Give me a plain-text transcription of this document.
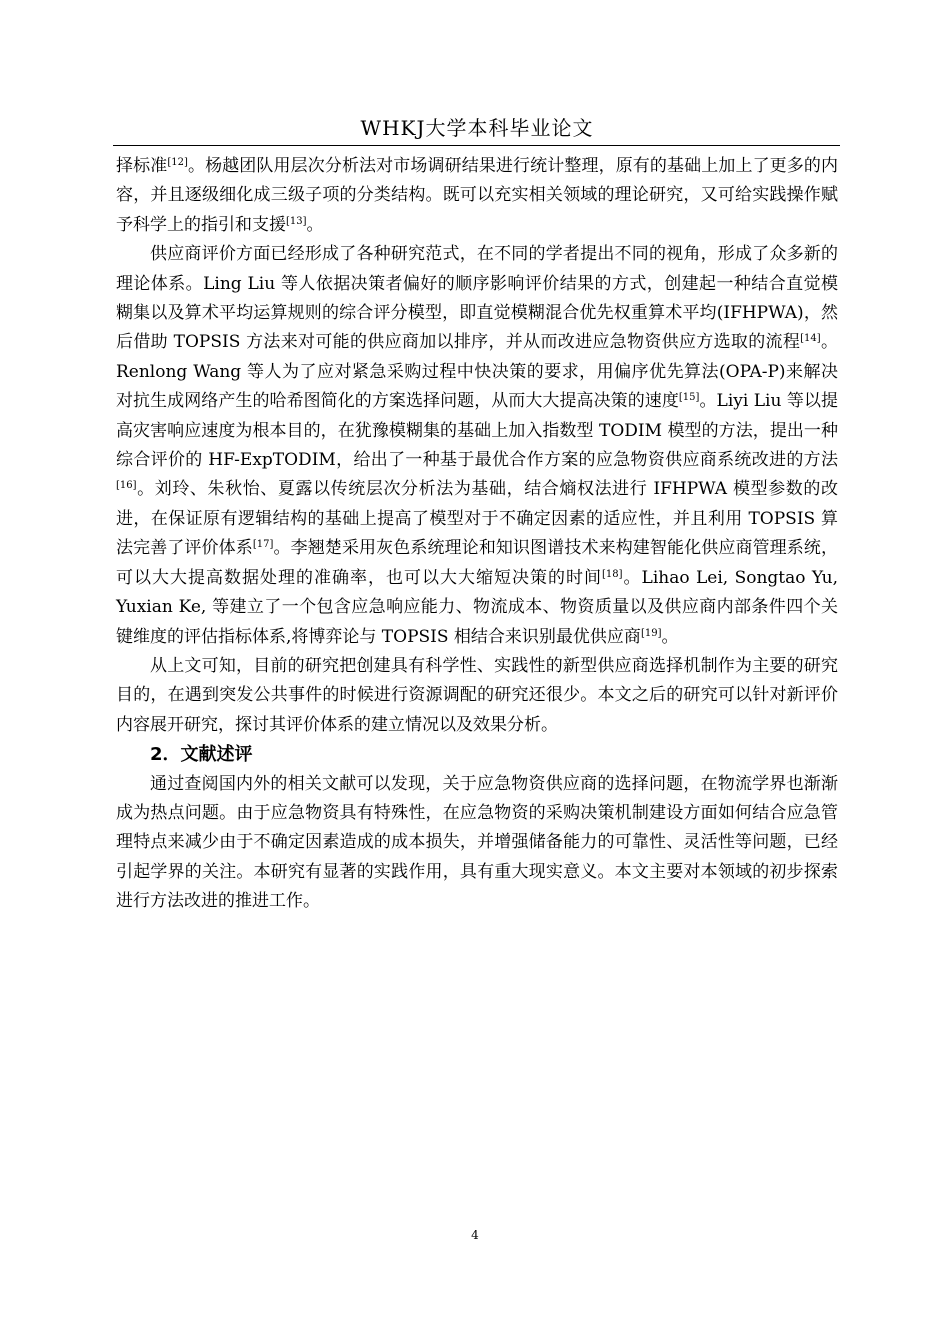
WHKJ大学本科毕业论文

择标准[12]。杨越团队用层次分析法对市场调研结果进行统计整理，原有的基础上加上了更多的内容，并且逐级细化成三级子项的分类结构。既可以充实相关领域的理论研究，又可给实践操作赋予科学上的指引和支援[13]。

供应商评价方面已经形成了各种研究范式，在不同的学者提出不同的视角，形成了众多新的理论体系。Ling Liu 等人依据决策者偏好的顺序影响评价结果的方式，创建起一种结合直觉模糊集以及算术平均运算规则的综合评分模型，即直觉模糊混合优先权重算术平均(IFHPWA)，然后借助 TOPSIS 方法来对可能的供应商加以排序，并从而改进应急物资供应方选取的流程[14]。Renlong Wang 等人为了应对紧急采购过程中快决策的要求，用偏序优先算法(OPA-P)来解决对抗生成网络产生的哈希图简化的方案选择问题，从而大大提高决策的速度[15]。Liyi Liu 等以提高灾害响应速度为根本目的，在犹豫模糊集的基础上加入指数型 TODIM 模型的方法，提出一种综合评价的 HF-ExpTODIM，给出了一种基于最优合作方案的应急物资供应商系统改进的方法[16]。刘玲、朱秋怡、夏露以传统层次分析法为基础，结合熵权法进行 IFHPWA 模型参数的改进，在保证原有逻辑结构的基础上提高了模型对于不确定因素的适应性，并且利用 TOPSIS 算法完善了评价体系[17]。李翘楚采用灰色系统理论和知识图谱技术来构建智能化供应商管理系统，可以大大提高数据处理的准确率，也可以大大缩短决策的时间[18]。Lihao Lei, Songtao Yu, Yuxian Ke, 等建立了一个包含应急响应能力、物流成本、物资质量以及供应商内部条件四个关键维度的评估指标体系,将博弈论与 TOPSIS 相结合来识别最优供应商[19]。

从上文可知，目前的研究把创建具有科学性、实践性的新型供应商选择机制作为主要的研究目的，在遇到突发公共事件的时候进行资源调配的研究还很少。本文之后的研究可以针对新评价内容展开研究，探讨其评价体系的建立情况以及效果分析。

2．文献述评

通过查阅国内外的相关文献可以发现，关于应急物资供应商的选择问题，在物流学界也渐渐成为热点问题。由于应急物资具有特殊性，在应急物资的采购决策机制建设方面如何结合应急管理特点来减少由于不确定因素造成的成本损失，并增强储备能力的可靠性、灵活性等问题，已经引起学界的关注。本研究有显著的实践作用，具有重大现实意义。本文主要对本领域的初步探索进行方法改进的推进工作。

4
